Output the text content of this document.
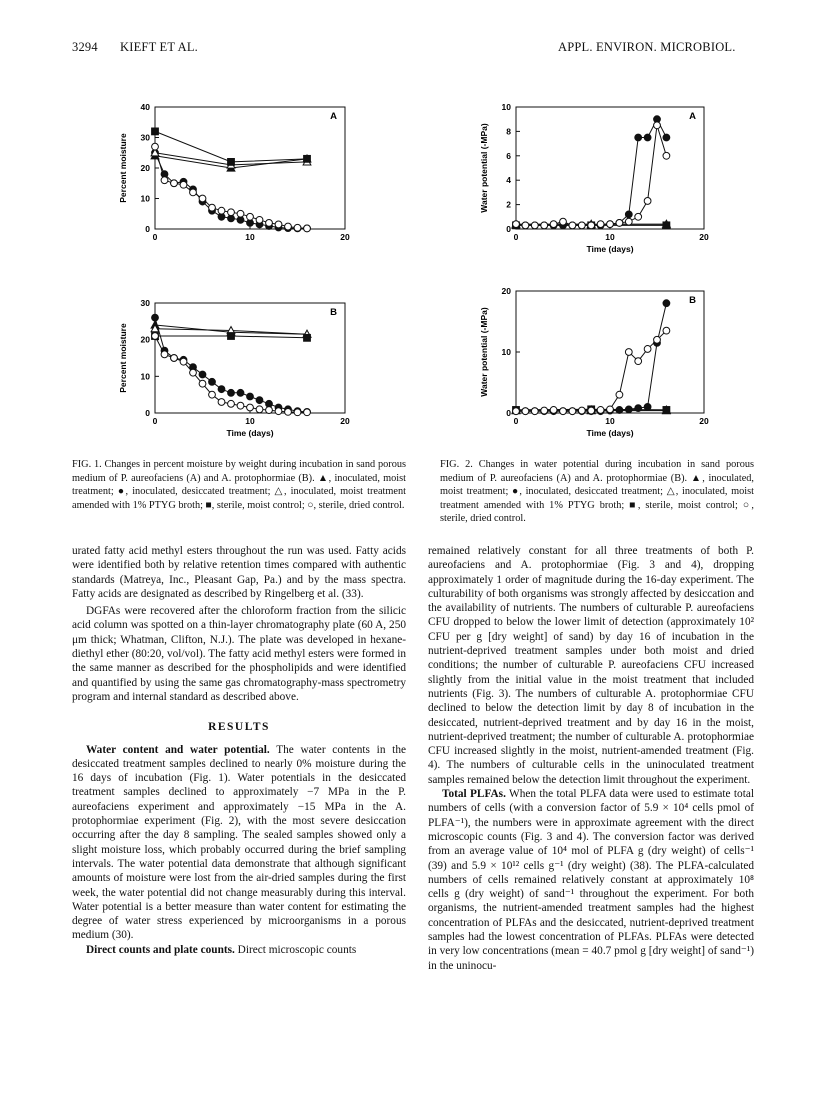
3294 KIEFT ET AL.	APPL. ENVIRON. MICROBIOL.
0
10
20
30
40
0	10	20
A
Percent moisture
0
10
20
30
0	10	20
B
Percent moisture
Time (days)
0
2
4
6
8
10
0	10	20
A
Water potential (-MPa)
Time (days)
0
10
20
0	10	20
B
Water potential (-MPa)
Time (days)
FIG. 1. Changes in percent moisture by weight during incubation in sand porous medium of P. aureofaciens (A) and A. protophormiae (B). ▲, inoculated, moist treatment; ●, inoculated, desiccated treatment; △, inoculated, moist treatment amended with 1% PTYG broth; ■, sterile, moist control; ○, sterile, dried control.
FIG. 2. Changes in water potential during incubation in sand porous medium of P. aureofaciens (A) and A. protophormiae (B). ▲, inoculated, moist treatment; ●, inoculated, desiccated treatment; △, inoculated, moist treatment amended with 1% PTYG broth; ■, sterile, moist control; ○, sterile, dried control.

urated fatty acid methyl esters throughout the run was used. Fatty acids were identified both by relative retention times compared with authentic standards (Matreya, Inc., Pleasant Gap, Pa.) and by the mass spectra. Fatty acids are designated as described by Ringelberg et al. (33).

DGFAs were recovered after the chloroform fraction from the silicic acid column was spotted on a thin-layer chromatography plate (60 A, 250 μm thick; Whatman, Clifton, N.J.). The plate was developed in hexane-diethyl ether (80:20, vol/vol). The fatty acid methyl esters were formed in the same manner as described for the phospholipids and were identified and quantified by using the same gas chromatography-mass spectrometry program and internal standard as described above.

RESULTS

Water content and water potential. The water contents in the desiccated treatment samples declined to nearly 0% moisture during the 16 days of incubation (Fig. 1). Water potentials in the desiccated treatment samples declined to approximately −7 MPa in the P. aureofaciens experiment and approximately −15 MPa in the A. protophormiae experiment (Fig. 2), with the most severe desiccation occurring after the day 8 sampling. The sealed samples showed only a slight moisture loss, which probably occurred during the brief sampling intervals. The water potential data demonstrate that although significant amounts of moisture were lost from the air-dried samples during the first week, the water potential did not change measurably during this interval. Water potential is a better measure than water content for estimating the degree of water stress experienced by microorganisms in a porous medium (30).

Direct counts and plate counts. Direct microscopic counts

remained relatively constant for all three treatments of both P. aureofaciens and A. protophormiae (Fig. 3 and 4), dropping approximately 1 order of magnitude during the 16-day experiment. The culturability of both organisms was strongly affected by desiccation and the availability of nutrients. The numbers of culturable P. aureofaciens CFU dropped to below the lower limit of detection (approximately 10² CFU per g [dry weight] of sand) by day 16 of incubation in the nutrient-deprived treatment samples under both moist and dried conditions; the number of culturable P. aureofaciens CFU increased slightly from the initial value in the moist treatment that included nutrients (Fig. 3). The numbers of culturable A. protophormiae CFU declined to below the detection limit by day 8 of incubation in the desiccated, nutrient-deprived treatment and by day 16 in the moist, nutrient-deprived treatment; the number of culturable A. protophormiae CFU increased slightly in the moist, nutrient-amended treatment (Fig. 4). The numbers of culturable cells in the uninoculated treatment samples remained below the detection limit throughout the experiment.

Total PLFAs. When the total PLFA data were used to estimate total numbers of cells (with a conversion factor of 5.9 × 10⁴ cells pmol of PLFA⁻¹), the numbers were in approximate agreement with the direct microscopic counts (Fig. 3 and 4). The conversion factor was derived from an average value of 10⁴ mol of PLFA g (dry weight) of cells⁻¹ (39) and 5.9 × 10¹² cells g⁻¹ (dry weight) (38). The PLFA-calculated numbers of cells remained relatively constant at approximately 10⁸ cells g (dry weight) of sand⁻¹ throughout the experiment. For both organisms, the nutrient-amended treatment samples had the highest concentration of PLFAs and the desiccated, nutrient-deprived treatment samples had the lowest concentration of PLFAs. PLFAs were detected in very low concentrations (mean = 40.7 pmol g [dry weight] of sand⁻¹) in the uninocu-
